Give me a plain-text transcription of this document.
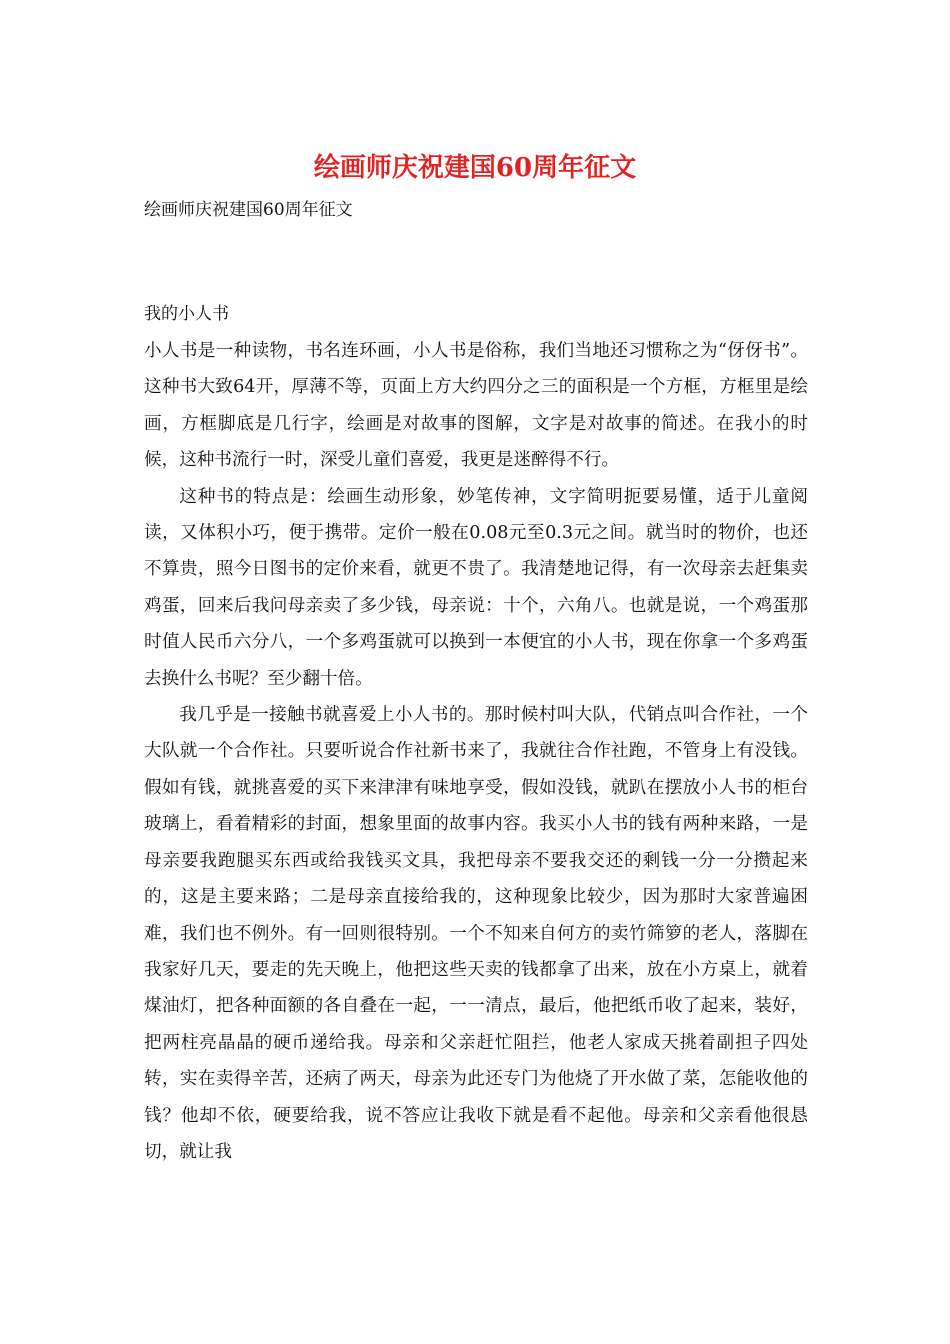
绘画师庆祝建国60周年征文
绘画师庆祝建国60周年征文
我的小人书

小人书是一种读物，书名连环画，小人书是俗称，我们当地还习惯称之为“伢伢书”。这种书大致64开，厚薄不等，页面上方大约四分之三的面积是一个方框，方框里是绘画，方框脚底是几行字，绘画是对故事的图解，文字是对故事的简述。在我小的时候，这种书流行一时，深受儿童们喜爱，我更是迷醉得不行。

这种书的特点是：绘画生动形象，妙笔传神，文字简明扼要易懂，适于儿童阅读，又体积小巧，便于携带。定价一般在0.08元至0.3元之间。就当时的物价，也还不算贵，照今日图书的定价来看，就更不贵了。我清楚地记得，有一次母亲去赶集卖鸡蛋，回来后我问母亲卖了多少钱，母亲说：十个，六角八。也就是说，一个鸡蛋那时值人民币六分八，一个多鸡蛋就可以换到一本便宜的小人书，现在你拿一个多鸡蛋去换什么书呢？至少翻十倍。

我几乎是一接触书就喜爱上小人书的。那时候村叫大队，代销点叫合作社，一个大队就一个合作社。只要听说合作社新书来了，我就往合作社跑，不管身上有没钱。假如有钱，就挑喜爱的买下来津津有味地享受，假如没钱，就趴在摆放小人书的柜台玻璃上，看着精彩的封面，想象里面的故事内容。我买小人书的钱有两种来路，一是母亲要我跑腿买东西或给我钱买文具，我把母亲不要我交还的剩钱一分一分攒起来的，这是主要来路；二是母亲直接给我的，这种现象比较少，因为那时大家普遍困难，我们也不例外。有一回则很特别。一个不知来自何方的卖竹筛箩的老人，落脚在我家好几天，要走的先天晚上，他把这些天卖的钱都拿了出来，放在小方桌上，就着煤油灯，把各种面额的各自叠在一起，一一清点，最后，他把纸币收了起来，装好，把两柱亮晶晶的硬币递给我。母亲和父亲赶忙阻拦，他老人家成天挑着副担子四处转，实在卖得辛苦，还病了两天，母亲为此还专门为他烧了开水做了菜，怎能收他的钱？他却不依，硬要给我，说不答应让我收下就是看不起他。母亲和父亲看他很恳切，就让我
